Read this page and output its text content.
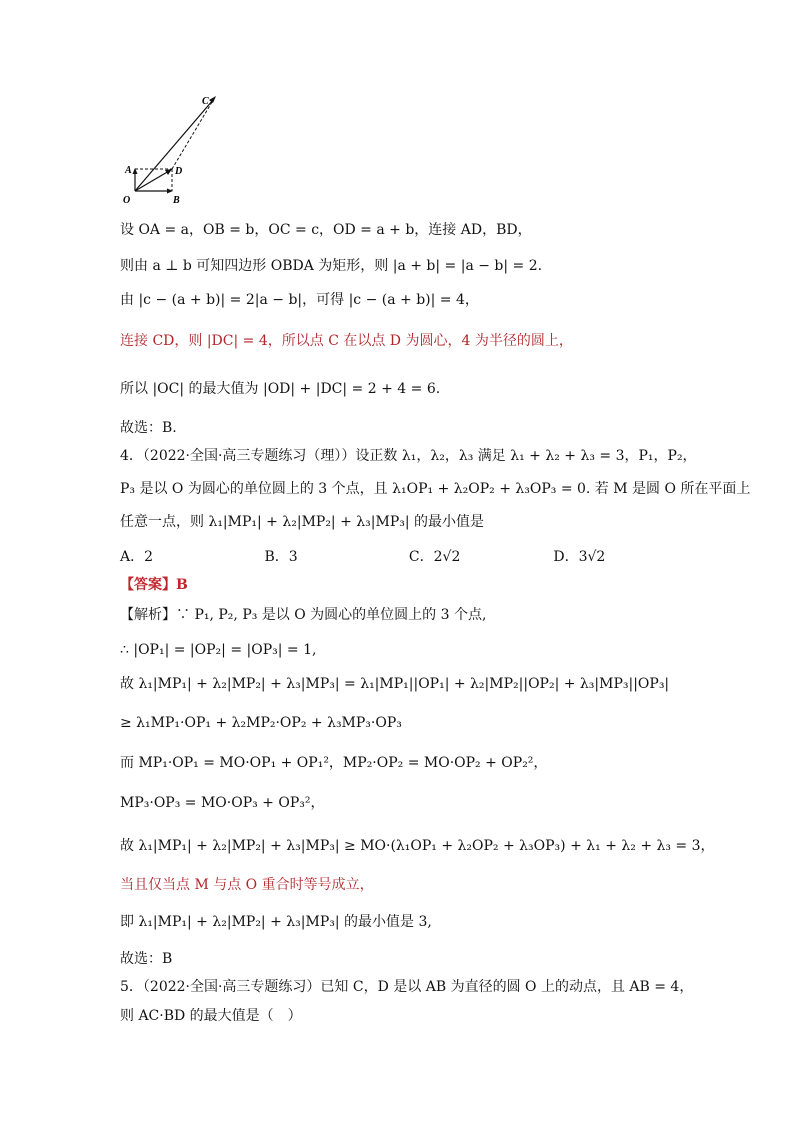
C
A	D
O	B
设 OA = a，OB = b，OC = c，OD = a + b，连接 AD，BD，
则由 a ⊥ b 可知四边形 OBDA 为矩形，则 |a + b| = |a − b| = 2.
由 |c − (a + b)| = 2|a − b|，可得 |c − (a + b)| = 4，
连接 CD，则 |DC| = 4，所以点 C 在以点 D 为圆心，4 为半径的圆上，
所以 |OC| 的最大值为 |OD| + |DC| = 2 + 4 = 6.
故选：B.
4．（2022·全国·高三专题练习（理））设正数 λ₁，λ₂，λ₃ 满足 λ₁ + λ₂ + λ₃ = 3，P₁，P₂，
P₃ 是以 O 为圆心的单位圆上的 3 个点，且 λ₁OP₁ + λ₂OP₂ + λ₃OP₃ = 0. 若 M 是圆 O 所在平面上
任意一点，则 λ₁|MP₁| + λ₂|MP₂| + λ₃|MP₃| 的最小值是
A．2	B．3	C．2√2	D．3√2
【答案】B
【解析】∵ P₁, P₂, P₃ 是以 O 为圆心的单位圆上的 3 个点,
∴ |OP₁| = |OP₂| = |OP₃| = 1,
故 λ₁|MP₁| + λ₂|MP₂| + λ₃|MP₃| = λ₁|MP₁||OP₁| + λ₂|MP₂||OP₂| + λ₃|MP₃||OP₃|
≥ λ₁MP₁·OP₁ + λ₂MP₂·OP₂ + λ₃MP₃·OP₃
而 MP₁·OP₁ = MO·OP₁ + OP₁²，MP₂·OP₂ = MO·OP₂ + OP₂²，
MP₃·OP₃ = MO·OP₃ + OP₃²，
故 λ₁|MP₁| + λ₂|MP₂| + λ₃|MP₃| ≥ MO·(λ₁OP₁ + λ₂OP₂ + λ₃OP₃) + λ₁ + λ₂ + λ₃ = 3，
当且仅当点 M 与点 O 重合时等号成立，
即 λ₁|MP₁| + λ₂|MP₂| + λ₃|MP₃| 的最小值是 3,
故选：B
5．（2022·全国·高三专题练习）已知 C，D 是以 AB 为直径的圆 O 上的动点，且 AB = 4，
则 AC·BD 的最大值是（　）
